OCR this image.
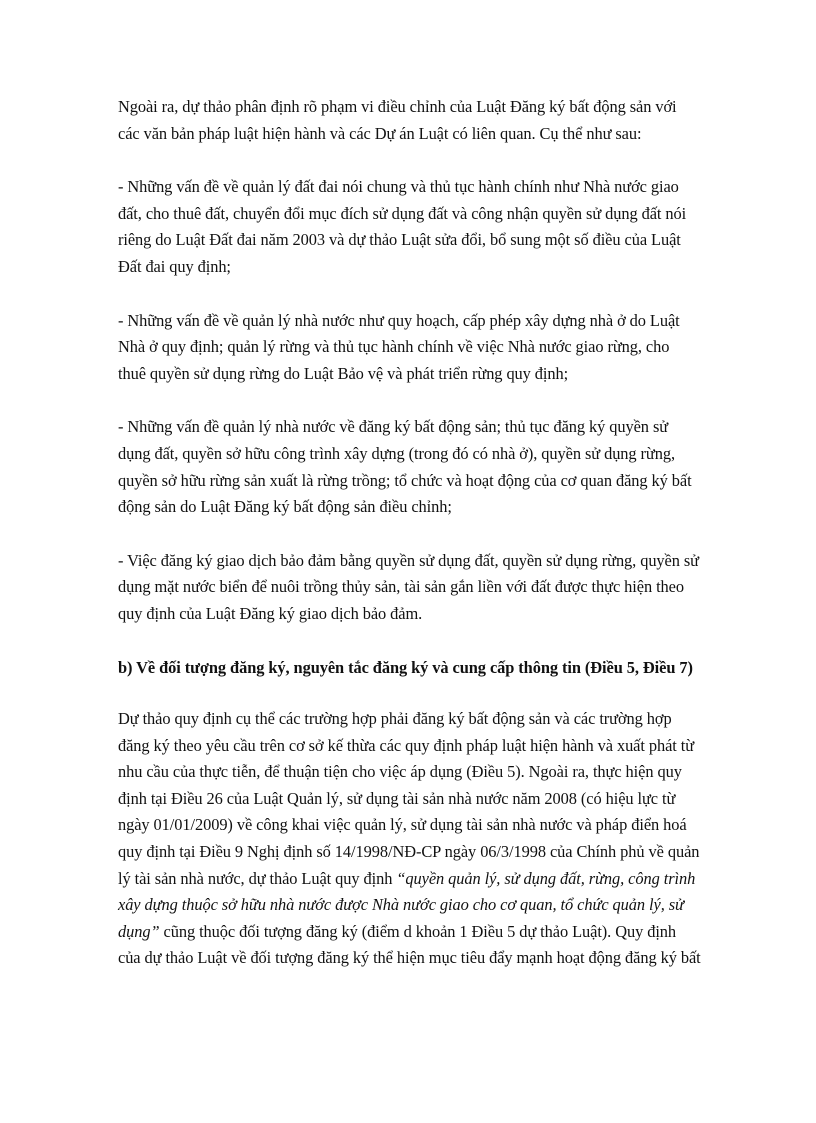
Ngoài ra, dự thảo phân định rõ phạm vi điều chỉnh của Luật Đăng ký bất động sản với
các văn bản pháp luật hiện hành và các Dự án Luật có liên quan. Cụ thể như sau:

- Những vấn đề về quản lý đất đai nói chung và thủ tục hành chính như Nhà nước giao
đất, cho thuê đất, chuyển đổi mục đích sử dụng đất và công nhận quyền sử dụng đất nói
riêng do Luật Đất đai năm 2003 và dự thảo Luật sửa đổi, bổ sung một số điều của Luật
Đất đai quy định;

- Những vấn đề về quản lý nhà nước như quy hoạch, cấp phép xây dựng nhà ở do Luật
Nhà ở quy định; quản lý rừng và thủ tục hành chính về việc Nhà nước giao rừng, cho
thuê quyền sử dụng rừng do Luật Bảo vệ và phát triển rừng quy định;

- Những vấn đề quản lý nhà nước về đăng ký bất động sản; thủ tục đăng ký quyền sử
dụng đất, quyền sở hữu công trình xây dựng (trong đó có nhà ở), quyền sử dụng rừng,
quyền sở hữu rừng sản xuất là rừng trồng; tổ chức và hoạt động của cơ quan đăng ký bất
động sản do Luật Đăng ký bất động sản điều chỉnh;

- Việc đăng ký giao dịch bảo đảm bằng quyền sử dụng đất, quyền sử dụng rừng, quyền sử
dụng mặt nước biển để nuôi trồng thủy sản, tài sản gắn liền với đất được thực hiện theo
quy định của Luật Đăng ký giao dịch bảo đảm.

b) Về đối tượng đăng ký, nguyên tắc đăng ký và cung cấp thông tin (Điều 5, Điều 7)

Dự thảo quy định cụ thể các trường hợp phải đăng ký bất động sản và các trường hợp
đăng ký theo yêu cầu trên cơ sở kế thừa các quy định pháp luật hiện hành và xuất phát từ
nhu cầu của thực tiễn, để thuận tiện cho việc áp dụng (Điều 5). Ngoài ra, thực hiện quy
định tại Điều 26 của Luật Quản lý, sử dụng tài sản nhà nước năm 2008 (có hiệu lực từ
ngày 01/01/2009) về công khai việc quản lý, sử dụng tài sản nhà nước và pháp điển hoá
quy định tại Điều 9 Nghị định số 14/1998/NĐ-CP ngày 06/3/1998 của Chính phủ về quản
lý tài sản nhà nước, dự thảo Luật quy định “quyền quản lý, sử dụng đất, rừng, công trình
xây dựng thuộc sở hữu nhà nước được Nhà nước giao cho cơ quan, tổ chức quản lý, sử
dụng” cũng thuộc đối tượng đăng ký (điểm d khoản 1 Điều 5 dự thảo Luật). Quy định
của dự thảo Luật về đối tượng đăng ký thể hiện mục tiêu đẩy mạnh hoạt động đăng ký bất
